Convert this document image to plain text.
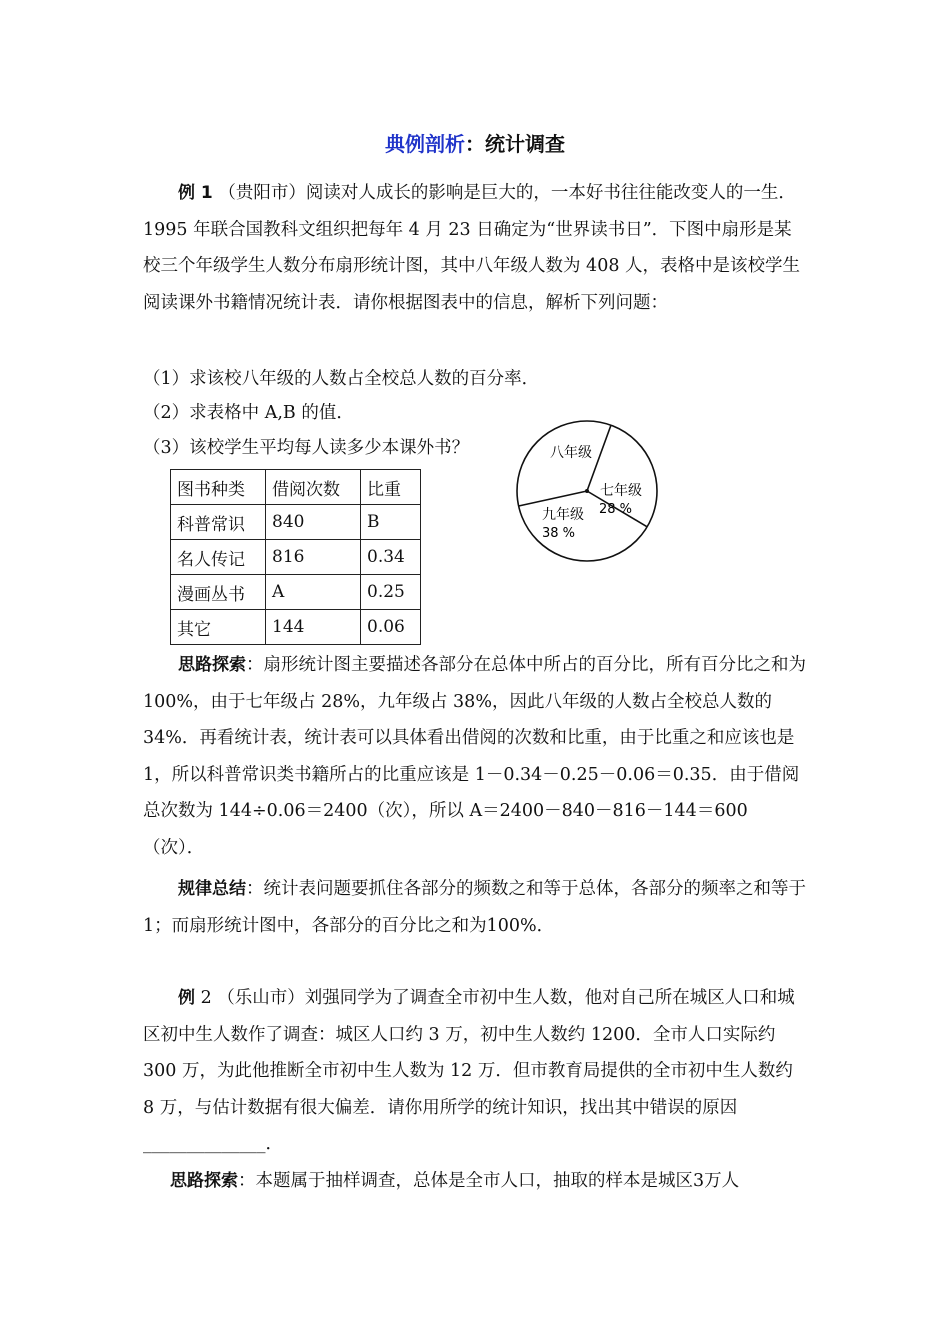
典例剖析：统计调查
例 1 （贵阳市）阅读对人成长的影响是巨大的，一本好书往往能改变人的一生．1995 年联合国教科文组织把每年 4 月 23 日确定为“世界读书日”．下图中扇形是某校三个年级学生人数分布扇形统计图，其中八年级人数为 408 人，表格中是该校学生阅读课外书籍情况统计表．请你根据图表中的信息，解析下列问题：
（1）求该校八年级的人数占全校总人数的百分率．
（2）求表格中 A,B 的值．
（3）该校学生平均每人读多少本课外书？
图书种类	借阅次数	比重
科普常识	840	B
名人传记	816	0.34
漫画丛书	A	0.25
其它	144	0.06
八年级
七年级
28 %
九年级
38 %
思路探索：扇形统计图主要描述各部分在总体中所占的百分比，所有百分比之和为 100%，由于七年级占 28%，九年级占 38%，因此八年级的人数占全校总人数的 34%．再看统计表，统计表可以具体看出借阅的次数和比重，由于比重之和应该也是 1，所以科普常识类书籍所占的比重应该是 1－0.34－0.25－0.06＝0.35．由于借阅总次数为 144÷0.06＝2400（次），所以 A＝2400－840－816－144＝600（次）．
规律总结：统计表问题要抓住各部分的频数之和等于总体，各部分的频率之和等于1；而扇形统计图中，各部分的百分比之和为100%．
例 2 （乐山市）刘强同学为了调查全市初中生人数，他对自己所在城区人口和城区初中生人数作了调查：城区人口约 3 万，初中生人数约 1200．全市人口实际约 300 万，为此他推断全市初中生人数为 12 万．但市教育局提供的全市初中生人数约 8 万，与估计数据有很大偏差．请你用所学的统计知识，找出其中错误的原因______________．
思路探索：本题属于抽样调查，总体是全市人口，抽取的样本是城区3万人
